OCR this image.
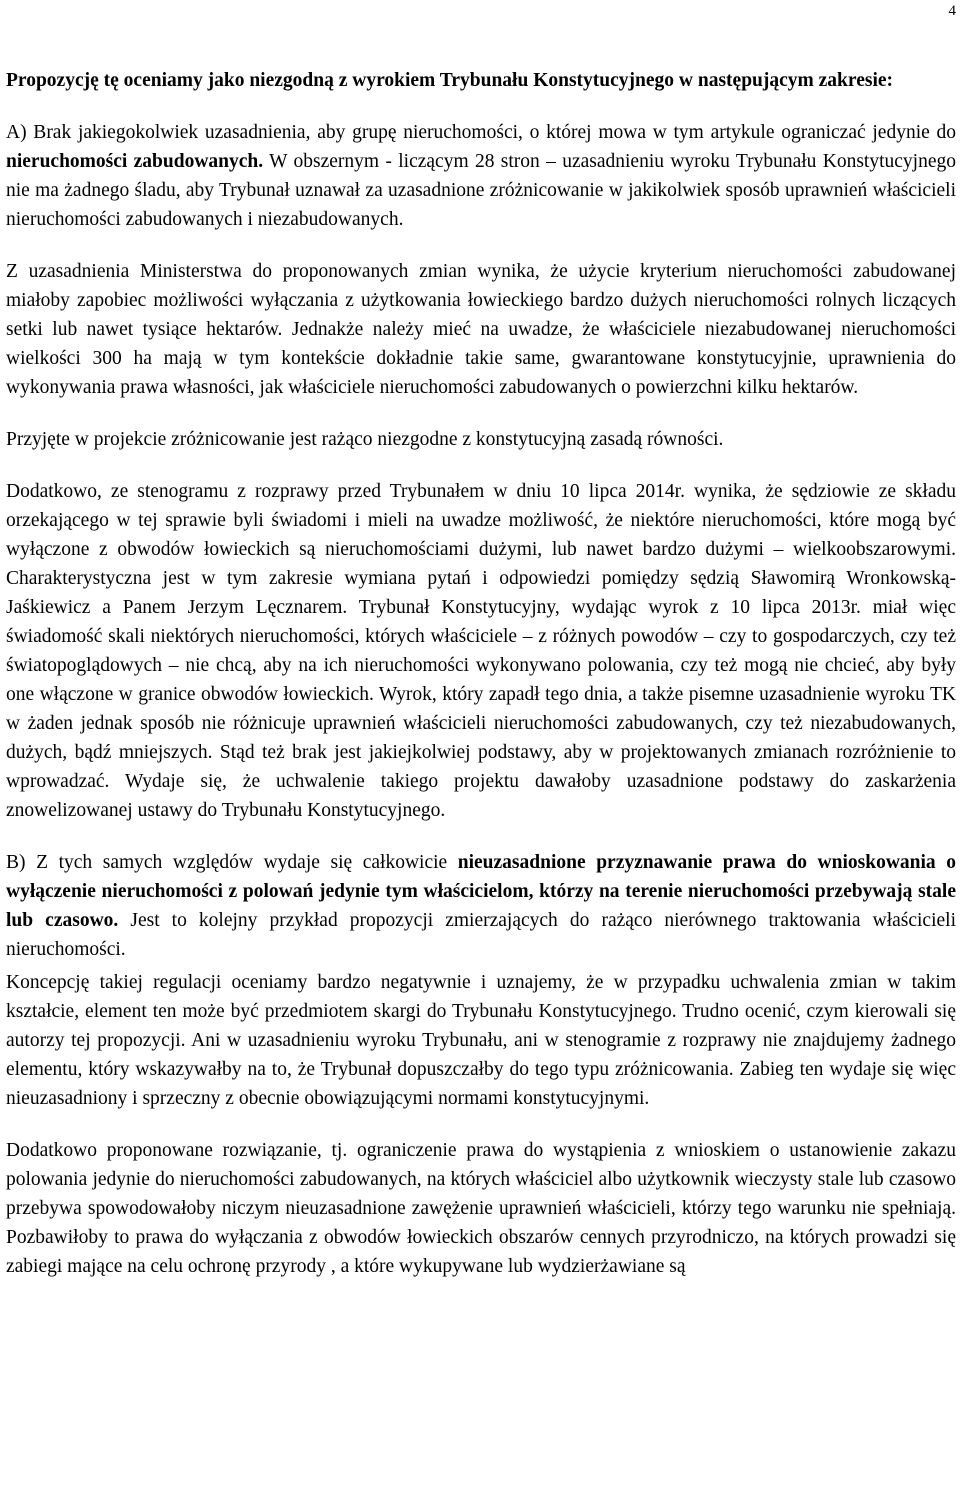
4

Propozycję tę oceniamy jako niezgodną z wyrokiem Trybunału Konstytucyjnego w następującym zakresie:

A) Brak jakiegokolwiek uzasadnienia, aby grupę nieruchomości, o której mowa w tym artykule ograniczać jedynie do nieruchomości zabudowanych. W obszernym - liczącym 28 stron – uzasadnieniu wyroku Trybunału Konstytucyjnego nie ma żadnego śladu, aby Trybunał uznawał za uzasadnione zróżnicowanie w jakikolwiek sposób uprawnień właścicieli nieruchomości zabudowanych i niezabudowanych.

Z uzasadnienia Ministerstwa do proponowanych zmian wynika, że użycie kryterium nieruchomości zabudowanej miałoby zapobiec możliwości wyłączania z użytkowania łowieckiego bardzo dużych nieruchomości rolnych liczących setki lub nawet tysiące hektarów. Jednakże należy mieć na uwadze, że właściciele niezabudowanej nieruchomości wielkości 300 ha mają w tym kontekście dokładnie takie same, gwarantowane konstytucyjnie, uprawnienia do wykonywania prawa własności, jak właściciele nieruchomości zabudowanych o powierzchni kilku hektarów.

Przyjęte w projekcie zróżnicowanie jest rażąco niezgodne z konstytucyjną zasadą równości.

Dodatkowo, ze stenogramu z rozprawy przed Trybunałem w dniu 10 lipca 2014r. wynika, że sędziowie ze składu orzekającego w tej sprawie byli świadomi i mieli na uwadze możliwość, że niektóre nieruchomości, które mogą być wyłączone z obwodów łowieckich są nieruchomościami dużymi, lub nawet bardzo dużymi – wielkoobszarowymi. Charakterystyczna jest w tym zakresie wymiana pytań i odpowiedzi pomiędzy sędzią Sławomirą Wronkowską-Jaśkiewicz a Panem Jerzym Lęcznarem. Trybunał Konstytucyjny, wydając wyrok z 10 lipca 2013r. miał więc świadomość skali niektórych nieruchomości, których właściciele – z różnych powodów – czy to gospodarczych, czy też światopoglądowych – nie chcą, aby na ich nieruchomości wykonywano polowania, czy też mogą nie chcieć, aby były one włączone w granice obwodów łowieckich. Wyrok, który zapadł tego dnia, a także pisemne uzasadnienie wyroku TK w żaden jednak sposób nie różnicuje uprawnień właścicieli nieruchomości zabudowanych, czy też niezabudowanych, dużych, bądź mniejszych. Stąd też brak jest jakiejkolwiej podstawy, aby w projektowanych zmianach rozróżnienie to wprowadzać. Wydaje się, że uchwalenie takiego projektu dawałoby uzasadnione podstawy do zaskarżenia znowelizowanej ustawy do Trybunału Konstytucyjnego.

B) Z tych samych względów wydaje się całkowicie nieuzasadnione przyznawanie prawa do wnioskowania o wyłączenie nieruchomości z polowań jedynie tym właścicielom, którzy na terenie nieruchomości przebywają stale lub czasowo. Jest to kolejny przykład propozycji zmierzających do rażąco nierównego traktowania właścicieli nieruchomości.

Koncepcję takiej regulacji oceniamy bardzo negatywnie i uznajemy, że w przypadku uchwalenia zmian w takim kształcie, element ten może być przedmiotem skargi do Trybunału Konstytucyjnego. Trudno ocenić, czym kierowali się autorzy tej propozycji. Ani w uzasadnieniu wyroku Trybunału, ani w stenogramie z rozprawy nie znajdujemy żadnego elementu, który wskazywałby na to, że Trybunał dopuszczałby do tego typu zróżnicowania. Zabieg ten wydaje się więc nieuzasadniony i sprzeczny z obecnie obowiązującymi normami konstytucyjnymi.

Dodatkowo proponowane rozwiązanie, tj. ograniczenie prawa do wystąpienia z wnioskiem o ustanowienie zakazu polowania jedynie do nieruchomości zabudowanych, na których właściciel albo użytkownik wieczysty stale lub czasowo przebywa spowodowałoby niczym nieuzasadnione zawężenie uprawnień właścicieli, którzy tego warunku nie spełniają. Pozbawiłoby to prawa do wyłączania z obwodów łowieckich obszarów cennych przyrodniczo, na których prowadzi się zabiegi mające na celu ochronę przyrody , a które wykupywane lub wydzierżawiane są
